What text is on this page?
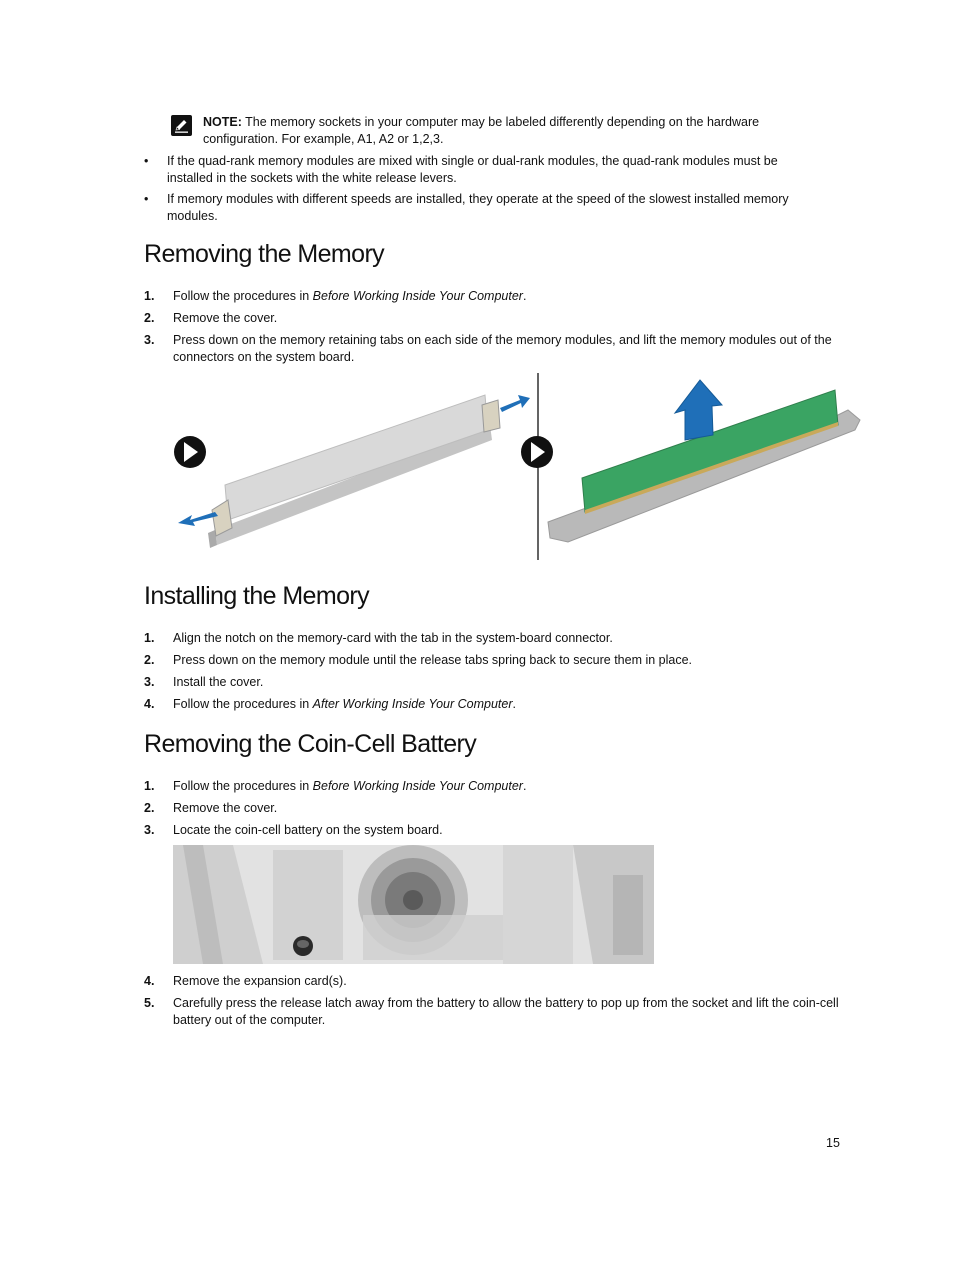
NOTE: The memory sockets in your computer may be labeled differently depending on the hardware configuration. For example, A1, A2 or 1,2,3.
• If the quad-rank memory modules are mixed with single or dual-rank modules, the quad-rank modules must be installed in the sockets with the white release levers.
• If memory modules with different speeds are installed, they operate at the speed of the slowest installed memory modules.
Removing the Memory
1. Follow the procedures in Before Working Inside Your Computer.
2. Remove the cover.
3. Press down on the memory retaining tabs on each side of the memory modules, and lift the memory modules out of the connectors on the system board.
Installing the Memory
1. Align the notch on the memory-card with the tab in the system-board connector.
2. Press down on the memory module until the release tabs spring back to secure them in place.
3. Install the cover.
4. Follow the procedures in After Working Inside Your Computer.
Removing the Coin-Cell Battery
1. Follow the procedures in Before Working Inside Your Computer.
2. Remove the cover.
3. Locate the coin-cell battery on the system board.
4. Remove the expansion card(s).
5. Carefully press the release latch away from the battery to allow the battery to pop up from the socket and lift the coin-cell battery out of the computer.
15
